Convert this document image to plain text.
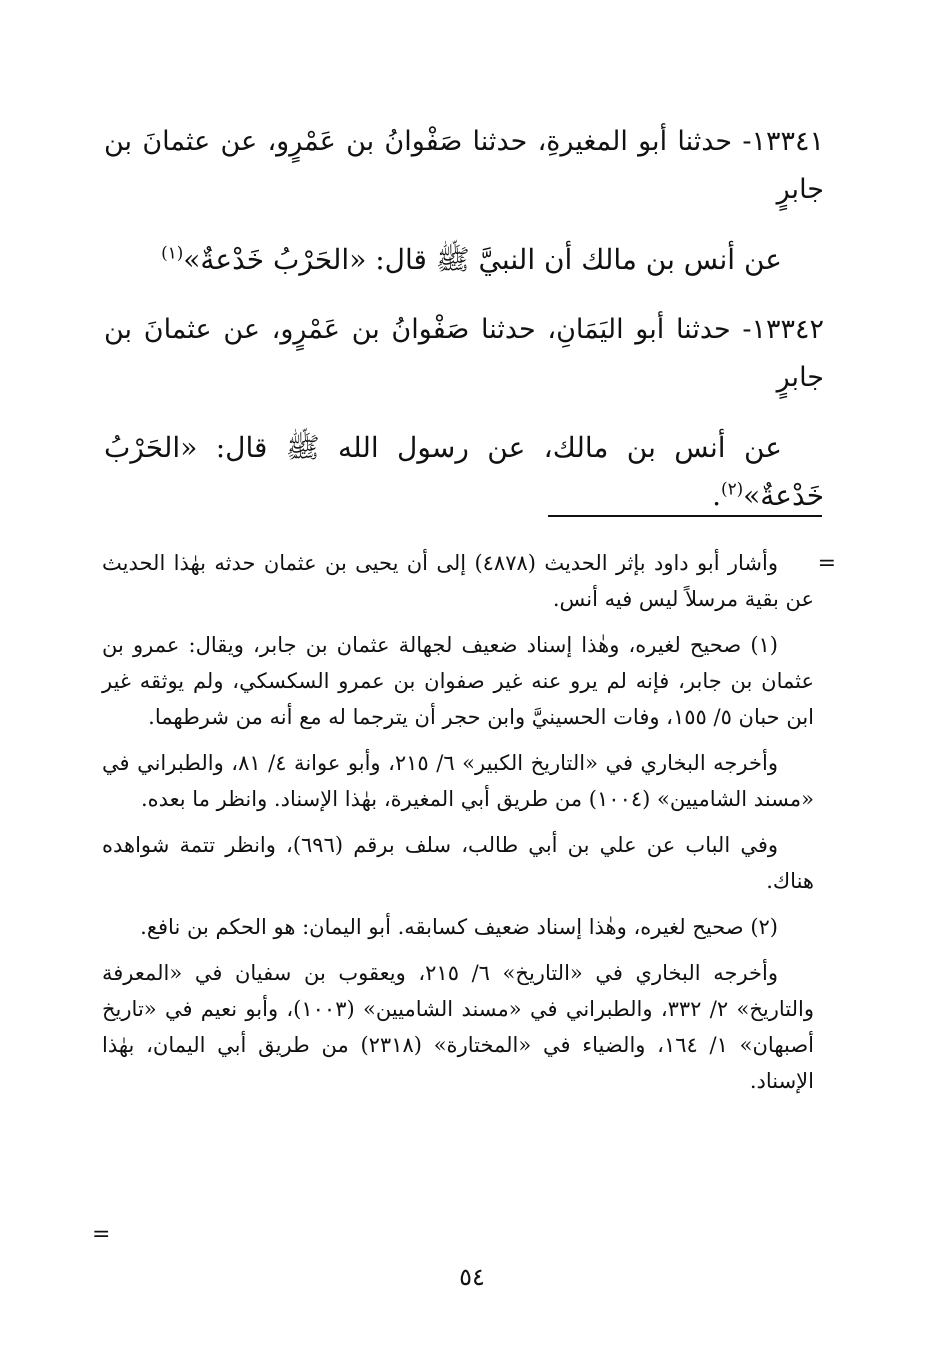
١٣٣٤١- حدثنا أبو المغيرةِ، حدثنا صَفْوانُ بن عَمْرٍو، عن عثمانَ بن جابرٍ

عن أنس بن مالك أن النبيَّ ﷺ قال: «الحَرْبُ خَدْعةٌ»$^{(١)}$

١٣٣٤٢- حدثنا أبو اليَمَانِ، حدثنا صَفْوانُ بن عَمْرٍو، عن عثمانَ بن جابرٍ

عن أنس بن مالك، عن رسول الله ﷺ قال: «الحَرْبُ خَدْعةٌ»$^{(٢)}$.

=

وأشار أبو داود بإثر الحديث (٤٨٧٨) إلى أن يحيى بن عثمان حدثه بهٰذا الحديث عن بقية مرسلاً ليس فيه أنس.

(١) صحيح لغيره، وهٰذا إسناد ضعيف لجهالة عثمان بن جابر، ويقال: عمرو بن عثمان بن جابر، فإنه لم يرو عنه غير صفوان بن عمرو السكسكي، ولم يوثقه غير ابن حبان ٥/ ١٥٥، وفات الحسينيَّ وابن حجر أن يترجما له مع أنه من شرطهما.

وأخرجه البخاري في «التاريخ الكبير» ٦/ ٢١٥، وأبو عوانة ٤/ ٨١، والطبراني في «مسند الشاميين» (١٠٠٤) من طريق أبي المغيرة، بهٰذا الإسناد. وانظر ما بعده.

وفي الباب عن علي بن أبي طالب، سلف برقم (٦٩٦)، وانظر تتمة شواهده هناك.

(٢) صحيح لغيره، وهٰذا إسناد ضعيف كسابقه. أبو اليمان: هو الحكم بن نافع.

وأخرجه البخاري في «التاريخ» ٦/ ٢١٥، ويعقوب بن سفيان في «المعرفة والتاريخ» ٢/ ٣٣٢، والطبراني في «مسند الشاميين» (١٠٠٣)، وأبو نعيم في «تاريخ أصبهان» ١/ ١٦٤، والضياء في «المختارة» (٢٣١٨) من طريق أبي اليمان، بهٰذا الإسناد.

=
٥٤
